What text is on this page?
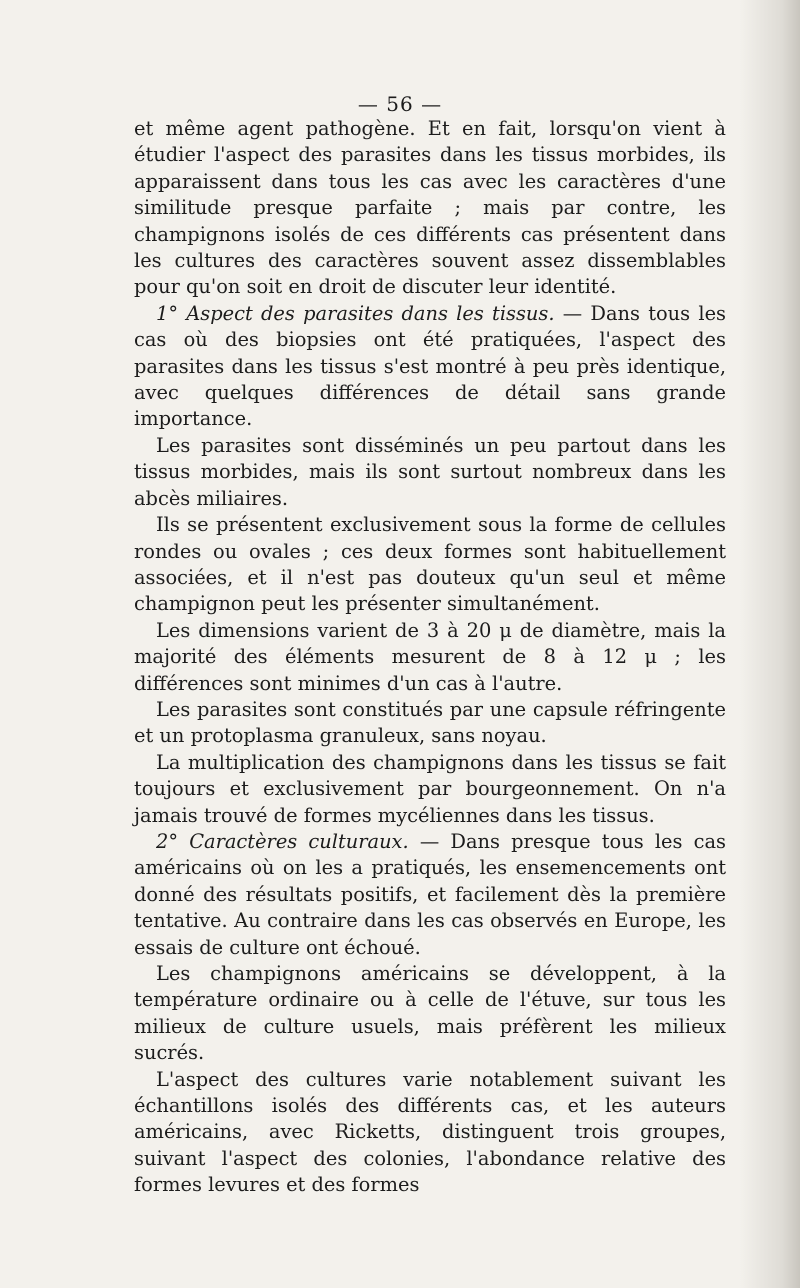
— 56 —

et même agent pathogène. Et en fait, lorsqu'on vient à étudier l'aspect des parasites dans les tissus morbides, ils apparaissent dans tous les cas avec les caractères d'une similitude presque parfaite ; mais par contre, les champignons isolés de ces différents cas présentent dans les cultures des caractères souvent assez dissemblables pour qu'on soit en droit de discuter leur identité.

1° Aspect des parasites dans les tissus. — Dans tous les cas où des biopsies ont été pratiquées, l'aspect des parasites dans les tissus s'est montré à peu près identique, avec quelques différences de détail sans grande importance.

Les parasites sont disséminés un peu partout dans les tissus morbides, mais ils sont surtout nombreux dans les abcès miliaires.

Ils se présentent exclusivement sous la forme de cellules rondes ou ovales ; ces deux formes sont habituellement associées, et il n'est pas douteux qu'un seul et même champignon peut les présenter simultanément.

Les dimensions varient de 3 à 20 μ de diamètre, mais la majorité des éléments mesurent de 8 à 12 μ ; les différences sont minimes d'un cas à l'autre.

Les parasites sont constitués par une capsule réfringente et un protoplasma granuleux, sans noyau.

La multiplication des champignons dans les tissus se fait toujours et exclusivement par bourgeonnement. On n'a jamais trouvé de formes mycéliennes dans les tissus.

2° Caractères culturaux. — Dans presque tous les cas américains où on les a pratiqués, les ensemencements ont donné des résultats positifs, et facilement dès la première tentative. Au contraire dans les cas observés en Europe, les essais de culture ont échoué.

Les champignons américains se développent, à la température ordinaire ou à celle de l'étuve, sur tous les milieux de culture usuels, mais préfèrent les milieux sucrés.

L'aspect des cultures varie notablement suivant les échantillons isolés des différents cas, et les auteurs américains, avec Ricketts, distinguent trois groupes, suivant l'aspect des colonies, l'abondance relative des formes levures et des formes
